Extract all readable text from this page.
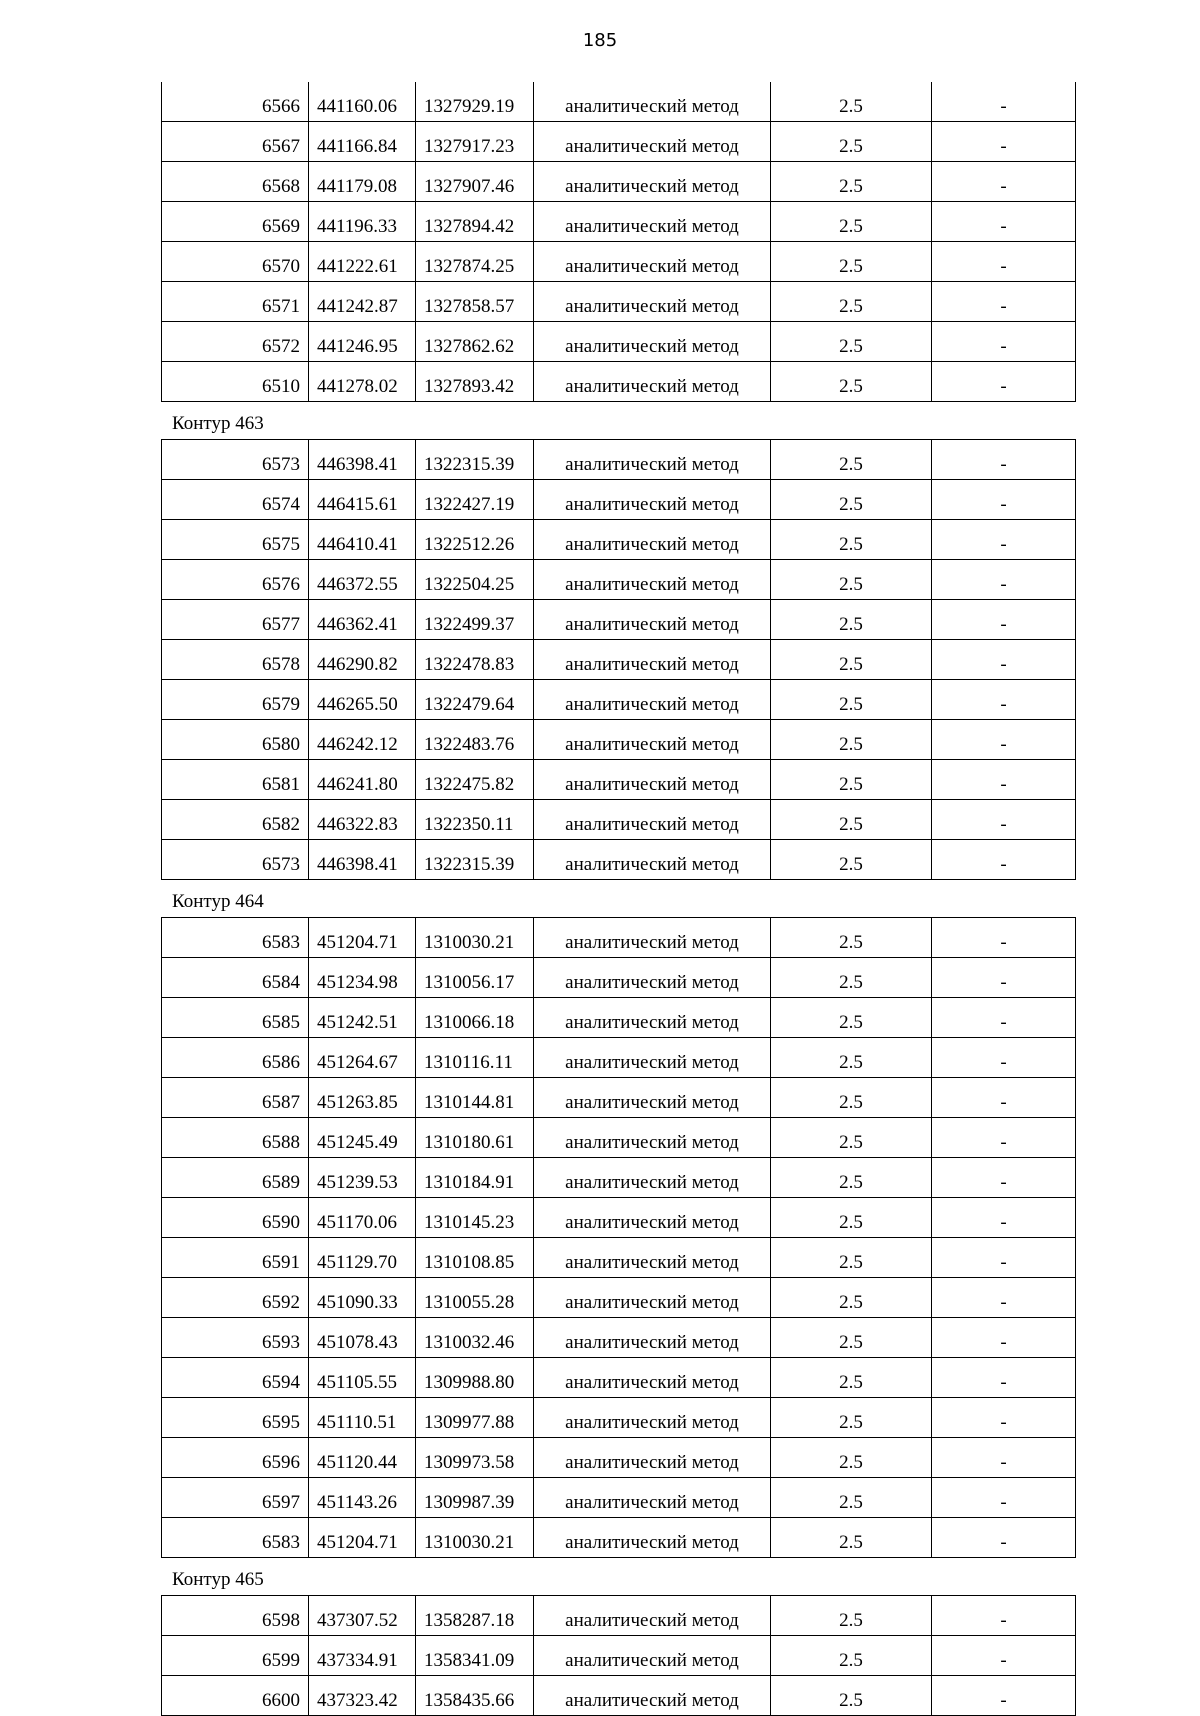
185
6566	441160.06	1327929.19	аналитический метод	2.5	-
6567	441166.84	1327917.23	аналитический метод	2.5	-
6568	441179.08	1327907.46	аналитический метод	2.5	-
6569	441196.33	1327894.42	аналитический метод	2.5	-
6570	441222.61	1327874.25	аналитический метод	2.5	-
6571	441242.87	1327858.57	аналитический метод	2.5	-
6572	441246.95	1327862.62	аналитический метод	2.5	-
6510	441278.02	1327893.42	аналитический метод	2.5	-
Контур 463
6573	446398.41	1322315.39	аналитический метод	2.5	-
6574	446415.61	1322427.19	аналитический метод	2.5	-
6575	446410.41	1322512.26	аналитический метод	2.5	-
6576	446372.55	1322504.25	аналитический метод	2.5	-
6577	446362.41	1322499.37	аналитический метод	2.5	-
6578	446290.82	1322478.83	аналитический метод	2.5	-
6579	446265.50	1322479.64	аналитический метод	2.5	-
6580	446242.12	1322483.76	аналитический метод	2.5	-
6581	446241.80	1322475.82	аналитический метод	2.5	-
6582	446322.83	1322350.11	аналитический метод	2.5	-
6573	446398.41	1322315.39	аналитический метод	2.5	-
Контур 464
6583	451204.71	1310030.21	аналитический метод	2.5	-
6584	451234.98	1310056.17	аналитический метод	2.5	-
6585	451242.51	1310066.18	аналитический метод	2.5	-
6586	451264.67	1310116.11	аналитический метод	2.5	-
6587	451263.85	1310144.81	аналитический метод	2.5	-
6588	451245.49	1310180.61	аналитический метод	2.5	-
6589	451239.53	1310184.91	аналитический метод	2.5	-
6590	451170.06	1310145.23	аналитический метод	2.5	-
6591	451129.70	1310108.85	аналитический метод	2.5	-
6592	451090.33	1310055.28	аналитический метод	2.5	-
6593	451078.43	1310032.46	аналитический метод	2.5	-
6594	451105.55	1309988.80	аналитический метод	2.5	-
6595	451110.51	1309977.88	аналитический метод	2.5	-
6596	451120.44	1309973.58	аналитический метод	2.5	-
6597	451143.26	1309987.39	аналитический метод	2.5	-
6583	451204.71	1310030.21	аналитический метод	2.5	-
Контур 465
6598	437307.52	1358287.18	аналитический метод	2.5	-
6599	437334.91	1358341.09	аналитический метод	2.5	-
6600	437323.42	1358435.66	аналитический метод	2.5	-
